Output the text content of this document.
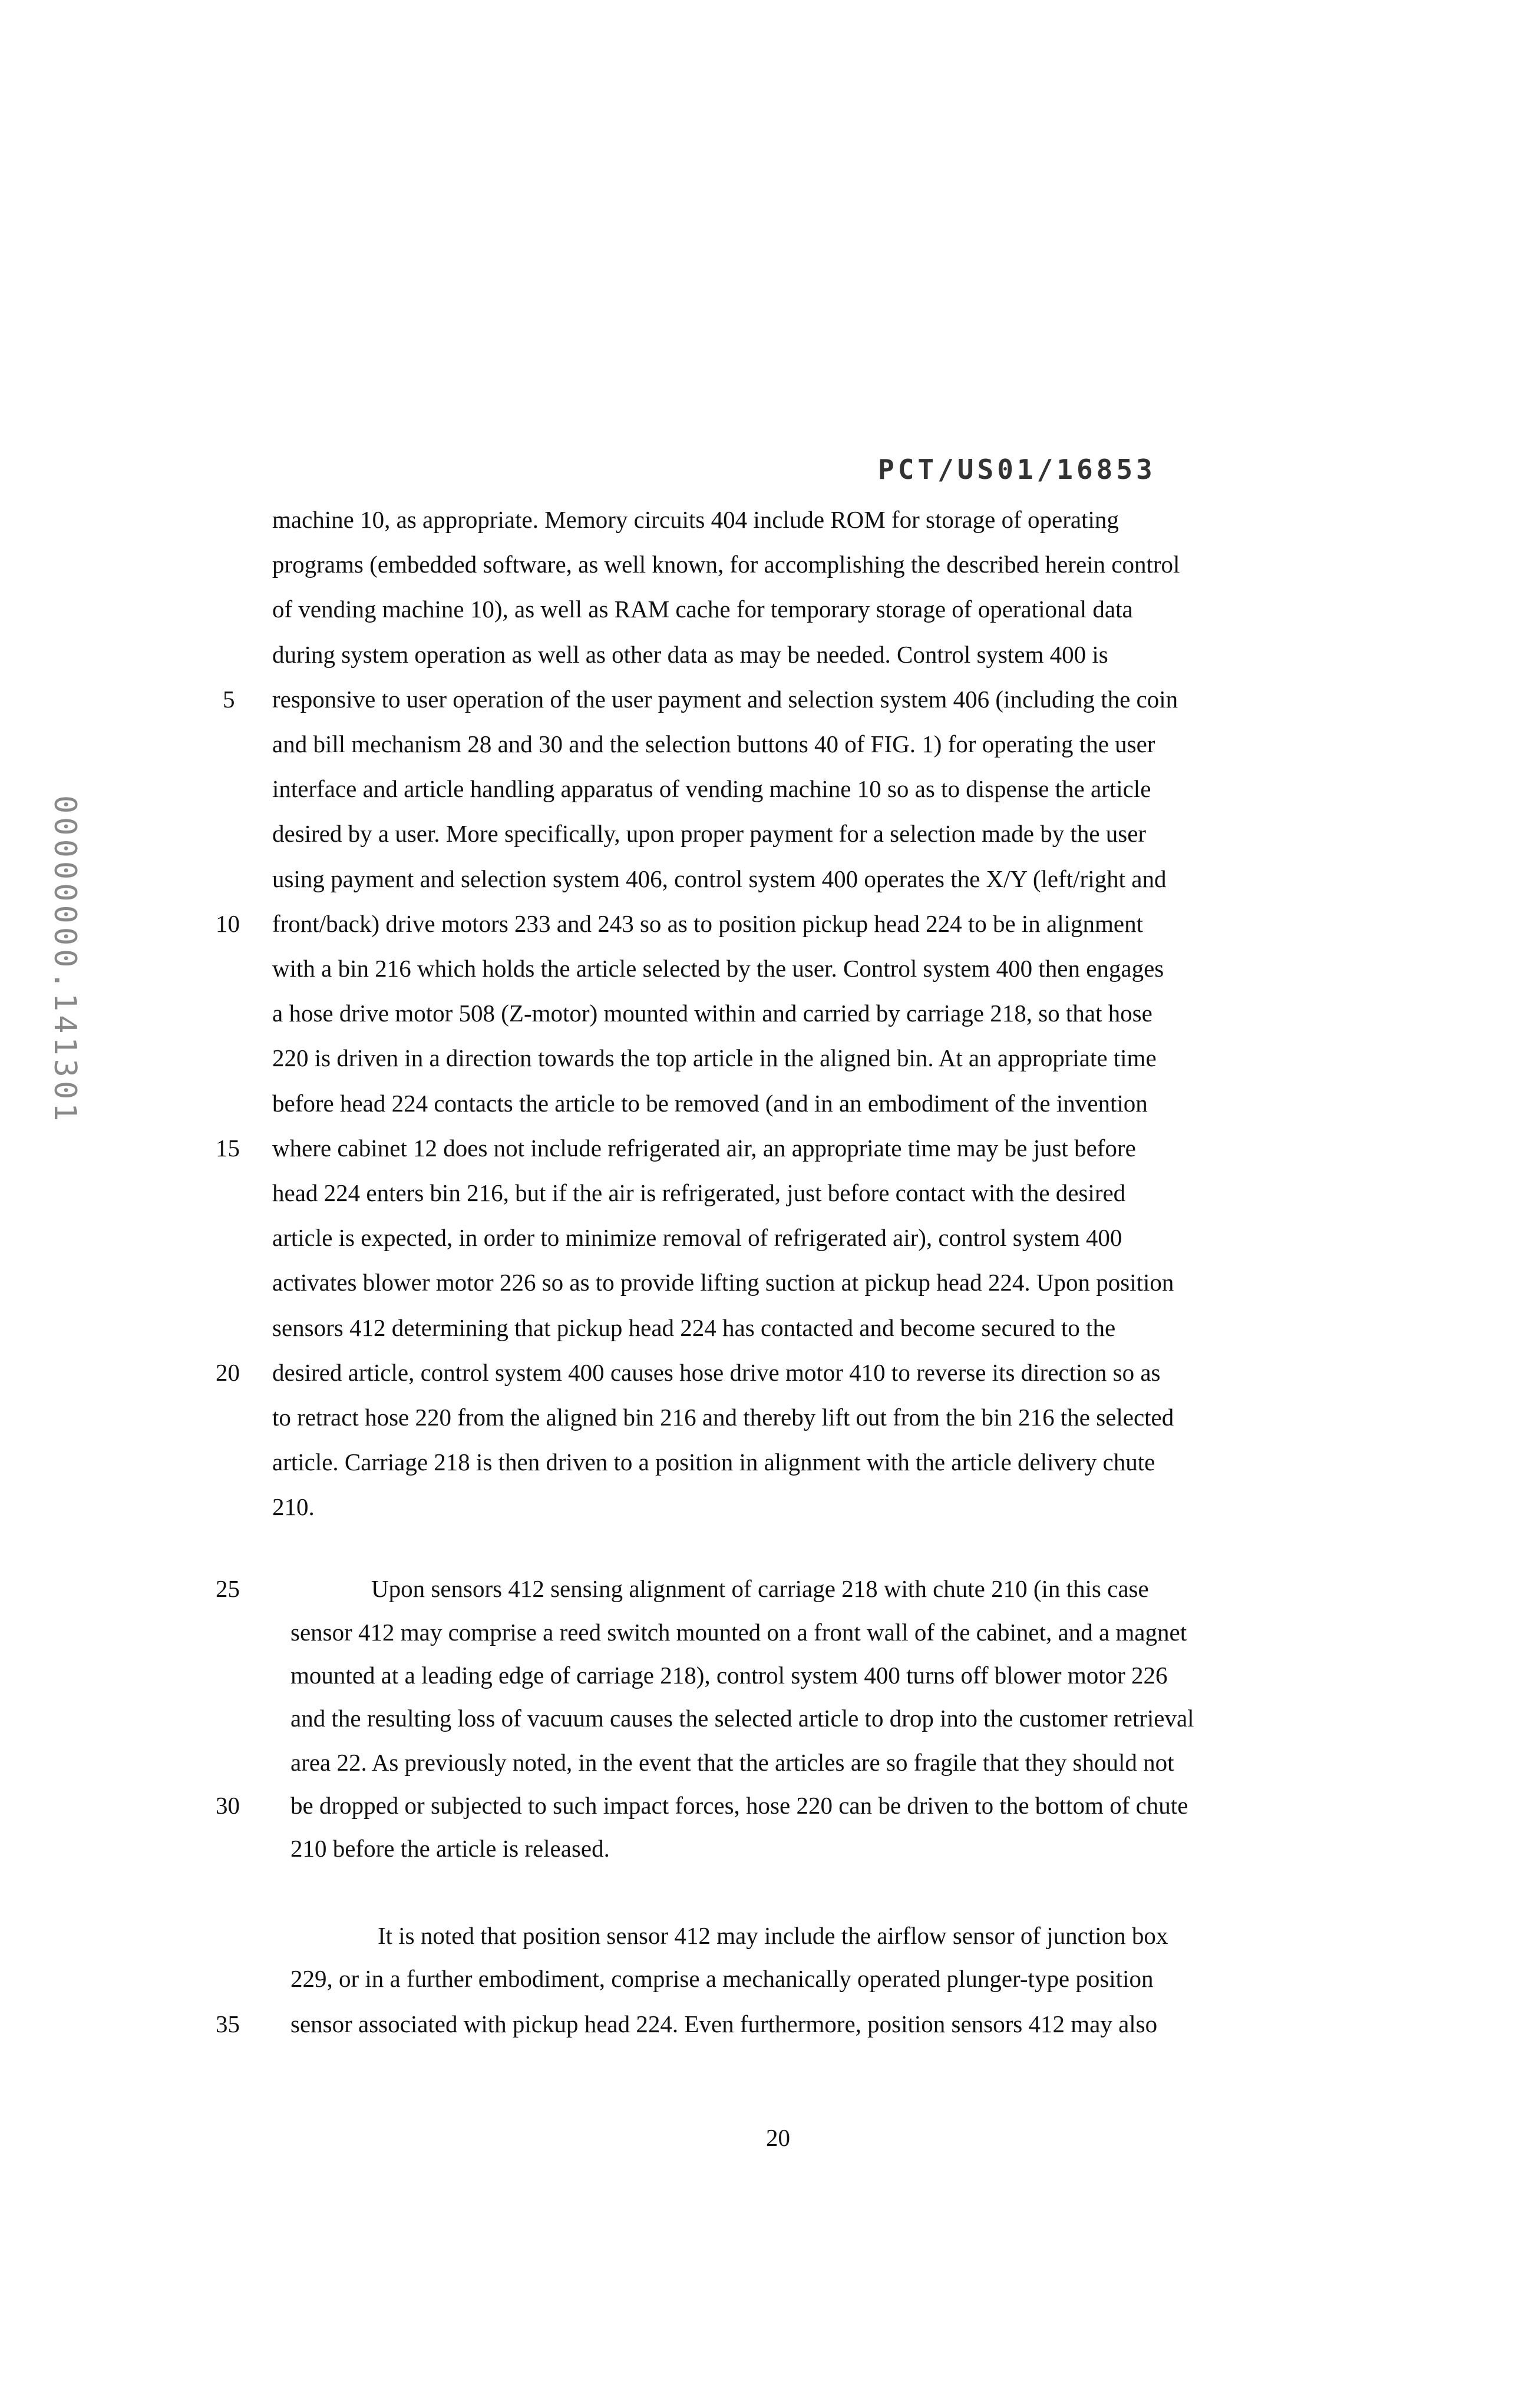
PCT/US01/16853
00000000.141301
machine 10, as appropriate. Memory circuits 404 include ROM for storage of operating
programs (embedded software, as well known, for accomplishing the described herein control
of vending machine 10), as well as RAM cache for temporary storage of operational data
during system operation as well as other data as may be needed. Control system 400 is
responsive to user operation of the user payment and selection system 406 (including the coin
5
and bill mechanism 28 and 30 and the selection buttons 40 of FIG. 1) for operating the user
interface and article handling apparatus of vending machine 10 so as to dispense the article
desired by a user. More specifically, upon proper payment for a selection made by the user
using payment and selection system 406, control system 400 operates the X/Y (left/right and
front/back) drive motors 233 and 243 so as to position pickup head 224 to be in alignment
10
with a bin 216 which holds the article selected by the user. Control system 400 then engages
a hose drive motor 508 (Z-motor) mounted within and carried by carriage 218, so that hose
220 is driven in a direction towards the top article in the aligned bin. At an appropriate time
before head 224 contacts the article to be removed (and in an embodiment of the invention
where cabinet 12 does not include refrigerated air, an appropriate time may be just before
15
head 224 enters bin 216, but if the air is refrigerated, just before contact with the desired
article is expected, in order to minimize removal of refrigerated air), control system 400
activates blower motor 226 so as to provide lifting suction at pickup head 224. Upon position
sensors 412 determining that pickup head 224 has contacted and become secured to the
desired article, control system 400 causes hose drive motor 410 to reverse its direction so as
20
to retract hose 220 from the aligned bin 216 and thereby lift out from the bin 216 the selected
article. Carriage 218 is then driven to a position in alignment with the article delivery chute
210.
Upon sensors 412 sensing alignment of carriage 218 with chute 210 (in this case
25
sensor 412 may comprise a reed switch mounted on a front wall of the cabinet, and a magnet
mounted at a leading edge of carriage 218), control system 400 turns off blower motor 226
and the resulting loss of vacuum causes the selected article to drop into the customer retrieval
area 22. As previously noted, in the event that the articles are so fragile that they should not
be dropped or subjected to such impact forces, hose 220 can be driven to the bottom of chute
30
210 before the article is released.
It is noted that position sensor 412 may include the airflow sensor of junction box
229, or in a further embodiment, comprise a mechanically operated plunger-type position
sensor associated with pickup head 224. Even furthermore, position sensors 412 may also
35
20
